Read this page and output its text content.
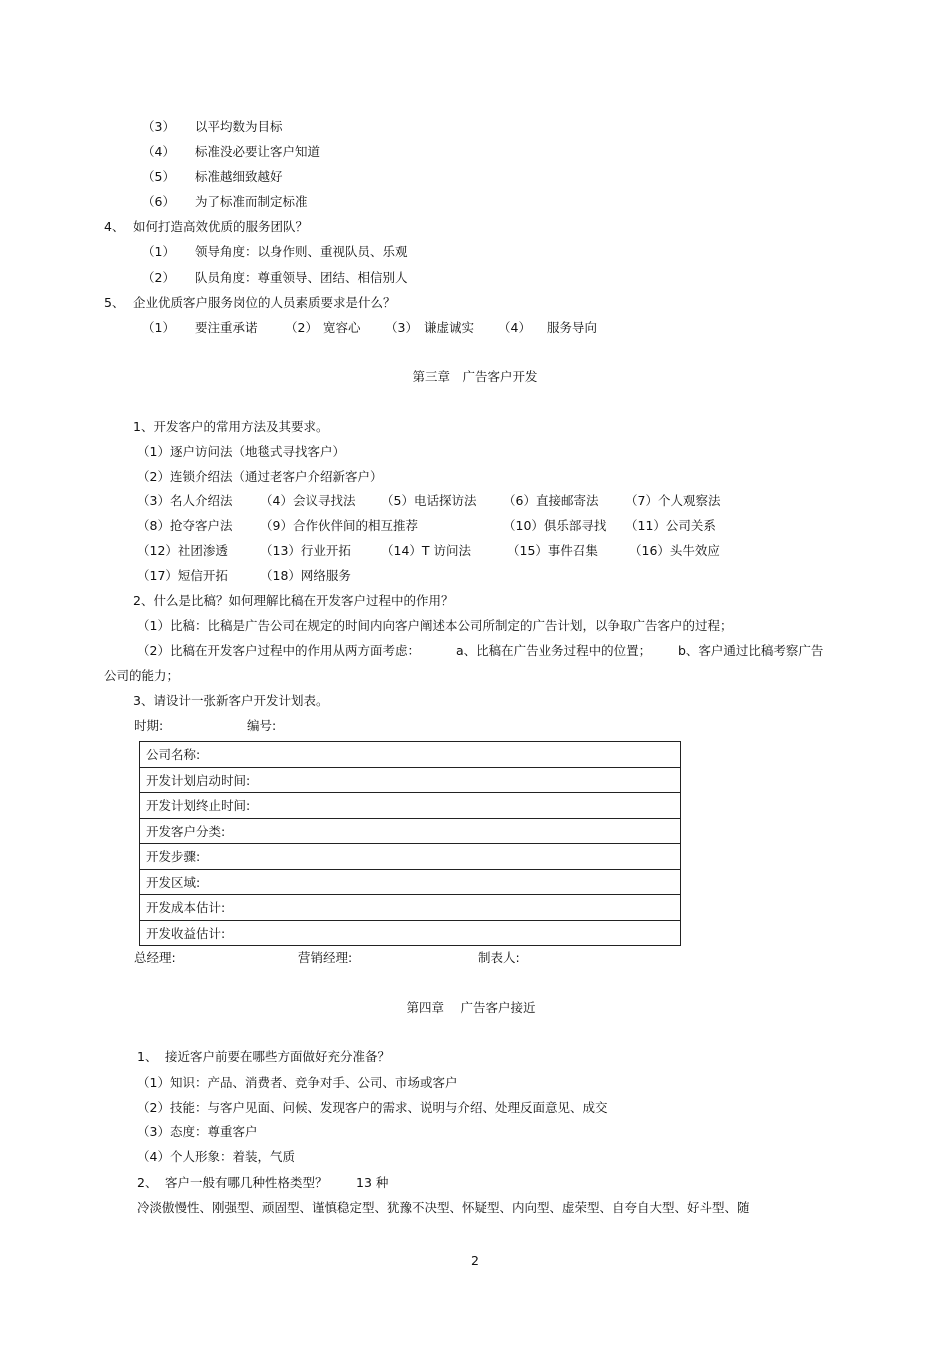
（3） 以平均数为目标
（4） 标准没必要让客户知道
（5） 标准越细致越好
（6） 为了标准而制定标准
4、 如何打造高效优质的服务团队？
（1） 领导角度：以身作则、重视队员、乐观
（2） 队员角度：尊重领导、团结、相信别人
5、 企业优质客户服务岗位的人员素质要求是什么？
（1） 要注重承诺 （2） 宽容心 （3） 谦虚诚实 （4） 服务导向
第三章　广告客户开发
1、开发客户的常用方法及其要求。
（1）逐户访问法（地毯式寻找客户）
（2）连锁介绍法（通过老客户介绍新客户）
（3）名人介绍法 （4）会议寻找法 （5）电话探访法 （6）直接邮寄法 （7）个人观察法
（8）抢夺客户法 （9）合作伙伴间的相互推荐	（10）俱乐部寻找 （11）公司关系
（12）社团渗透	（13）行业开拓 （14）T 访问法	（15）事件召集 （16）头牛效应
（17）短信开拓	（18）网络服务
2、什么是比稿？如何理解比稿在开发客户过程中的作用？
（1）比稿：比稿是广告公司在规定的时间内向客户阐述本公司所制定的广告计划，以争取广告客户的过程；
（2）比稿在开发客户过程中的作用从两方面考虑：	a、比稿在广告业务过程中的位置； b、客户通过比稿考察广告
公司的能力；
3、请设计一张新客户开发计划表。
时期:	编号:
公司名称:
开发计划启动时间:
开发计划终止时间:
开发客户分类:
开发步骤:
开发区域:
开发成本估计:
开发收益估计:
总经理:	营销经理:	制表人:
第四章　 广告客户接近
1、 接近客户前要在哪些方面做好充分准备？
（1）知识：产品、消费者、竞争对手、公司、市场或客户
（2）技能：与客户见面、问候、发现客户的需求、说明与介绍、处理反面意见、成交
（3）态度：尊重客户
（4）个人形象：着装，气质
2、 客户一般有哪几种性格类型？ 13 种
冷淡傲慢性、刚强型、顽固型、谨慎稳定型、犹豫不决型、怀疑型、内向型、虚荣型、自夸自大型、好斗型、随
2
